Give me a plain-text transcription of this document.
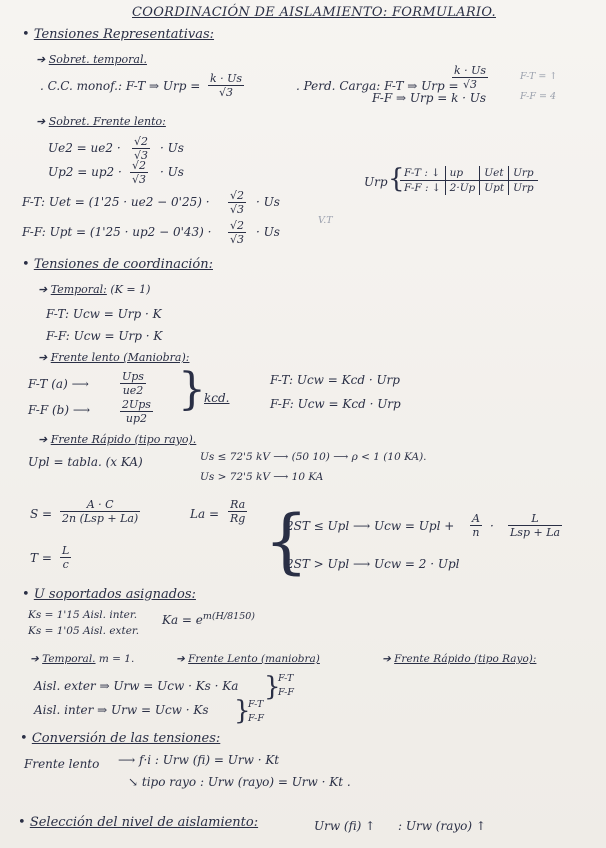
COORDINACIÓN DE AISLAMIENTO: FORMULARIO.
• Tensiones Representativas:
➔ Sobret. temporal.
. C.C. monof.: F-T ⇒ Urp = $\frac{k \cdot Us}{√3}$	. Perd. Carga: F-T ⇒ Urp =
$\frac{k \cdot Us}{√3}$
F-F ⇒ Urp = k · Us
F-T = ↑
F-F = 4
➔ Sobret. Frente lento:
$Ue2 = ue2 \cdot \frac{√2}{√3} \cdot Us$
$Up2 = up2 \cdot \frac{√2}{√3} \cdot Us$
F-T: Uet = $(1'25 \cdot ue2 - 0'25) \cdot \frac{√2}{√3} \cdot Us$
F-F: Upt = $(1'25 \cdot up2 - 0'43) \cdot \frac{√2}{√3} \cdot Us$
V.T
Urp { F-T : ↓	up	Uet	Urp
F-F : ↓	2·Up	Upt	Urp
• Tensiones de coordinación:
➔ Temporal: (K = 1)
F-T: Ucw = Urp · K
F-F: Ucw = Urp · K
➔ Frente lento (Maniobra):
F-T (a) ⟶
Ups
ue2
F-F (b) ⟶	2Ups
up2
}
kcd.
F-T: Ucw = Kcd · Urp
F-F: Ucw = Kcd · Urp
➔ Frente Rápido (tipo rayo).
Upl = tabla. (x KA)	Us ≤ 72'5 kV ⟶ (50 10) ⟶ ρ < 1 (10 KA).
Us > 72'5 kV ⟶ 10 KA
S =
A · C
2n (Lsp + La)	$La = \frac{Ra}{Rg}$
$T = \frac{L}{c}$	{
2ST ≤ Upl ⟶ Ucw = Upl + $\frac{A}{n}$ ·
L
Lsp + La
2ST > Upl ⟶ Ucw = 2 · Upl
• U soportados asignados:
Ks = 1'15 Aisl. inter.
Ks = 1'05 Aisl. exter.
$Ka = e^{m(H/8150)}$
➔ Temporal. m = 1.	➔ Frente Lento (maniobra)	➔ Frente Rápido (tipo Rayo):
Aisl. exter ⇒ Urw = Ucw · Ks · Ka }
F-T
F-F
Aisl. inter ⇒ Urw = Ucw · Ks }
F-T
F-F
• Conversión de las tensiones:
Frente lento ⟶ f·i : Urw (fi) = Urw · Kt
↘ tipo rayo : Urw (rayo) = Urw · Kt .
• Selección del nivel de aislamiento:	Urw (fi) ↑ : Urw (rayo) ↑
